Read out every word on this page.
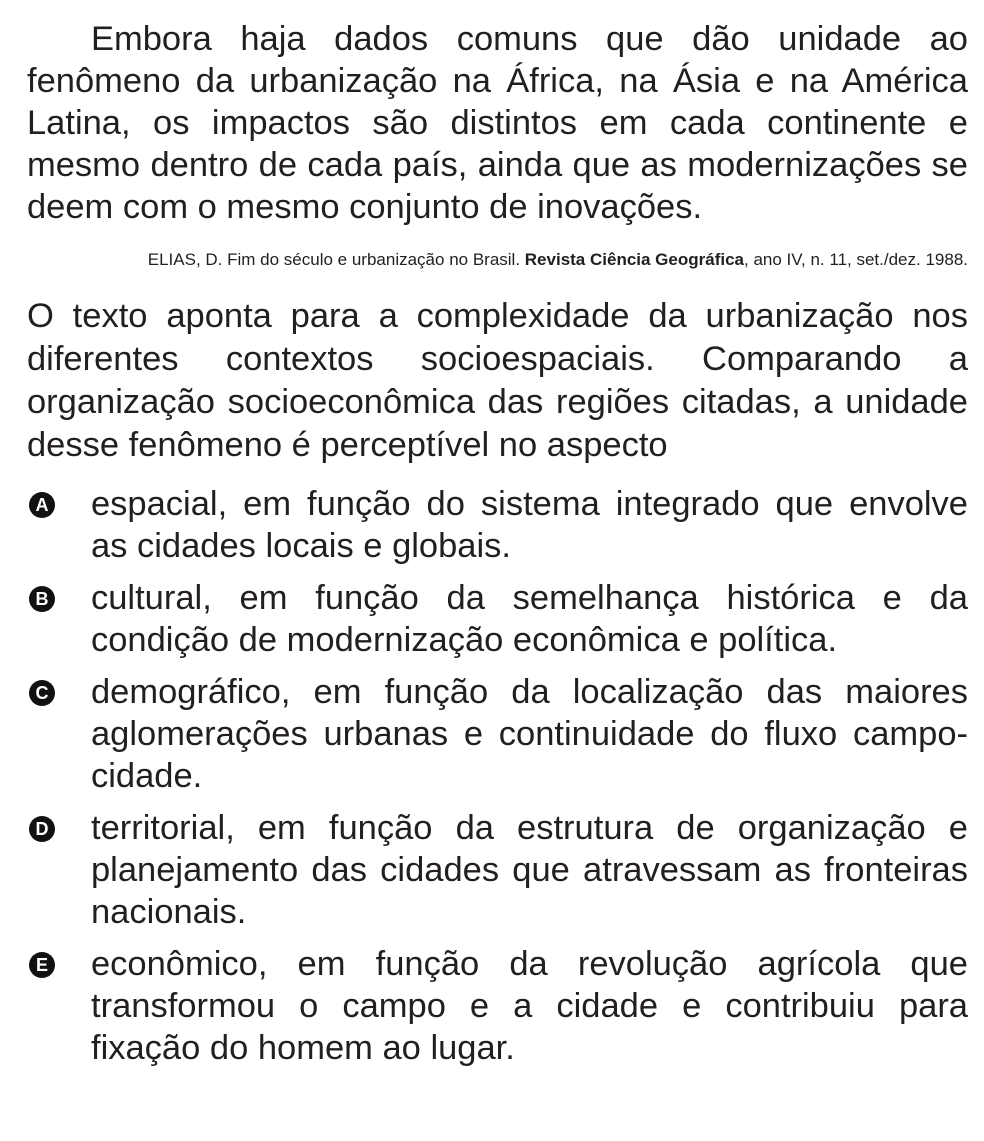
Embora haja dados comuns que dão unidade ao fenômeno da urbanização na África, na Ásia e na América Latina, os impactos são distintos em cada continente e mesmo dentro de cada país, ainda que as modernizações se deem com o mesmo conjunto de inovações.

ELIAS, D. Fim do século e urbanização no Brasil. Revista Ciência Geográfica, ano IV, n. 11, set./dez. 1988.

O texto aponta para a complexidade da urbanização nos diferentes contextos socioespaciais. Comparando a organização socioeconômica das regiões citadas, a unidade desse fenômeno é perceptível no aspecto

A espacial, em função do sistema integrado que envolve as cidades locais e globais.
B cultural, em função da semelhança histórica e da condição de modernização econômica e política.
C demográfico, em função da localização das maiores aglomerações urbanas e continuidade do fluxo campo-cidade.
D territorial, em função da estrutura de organização e planejamento das cidades que atravessam as fronteiras nacionais.
E econômico, em função da revolução agrícola que transformou o campo e a cidade e contribuiu para fixação do homem ao lugar.
